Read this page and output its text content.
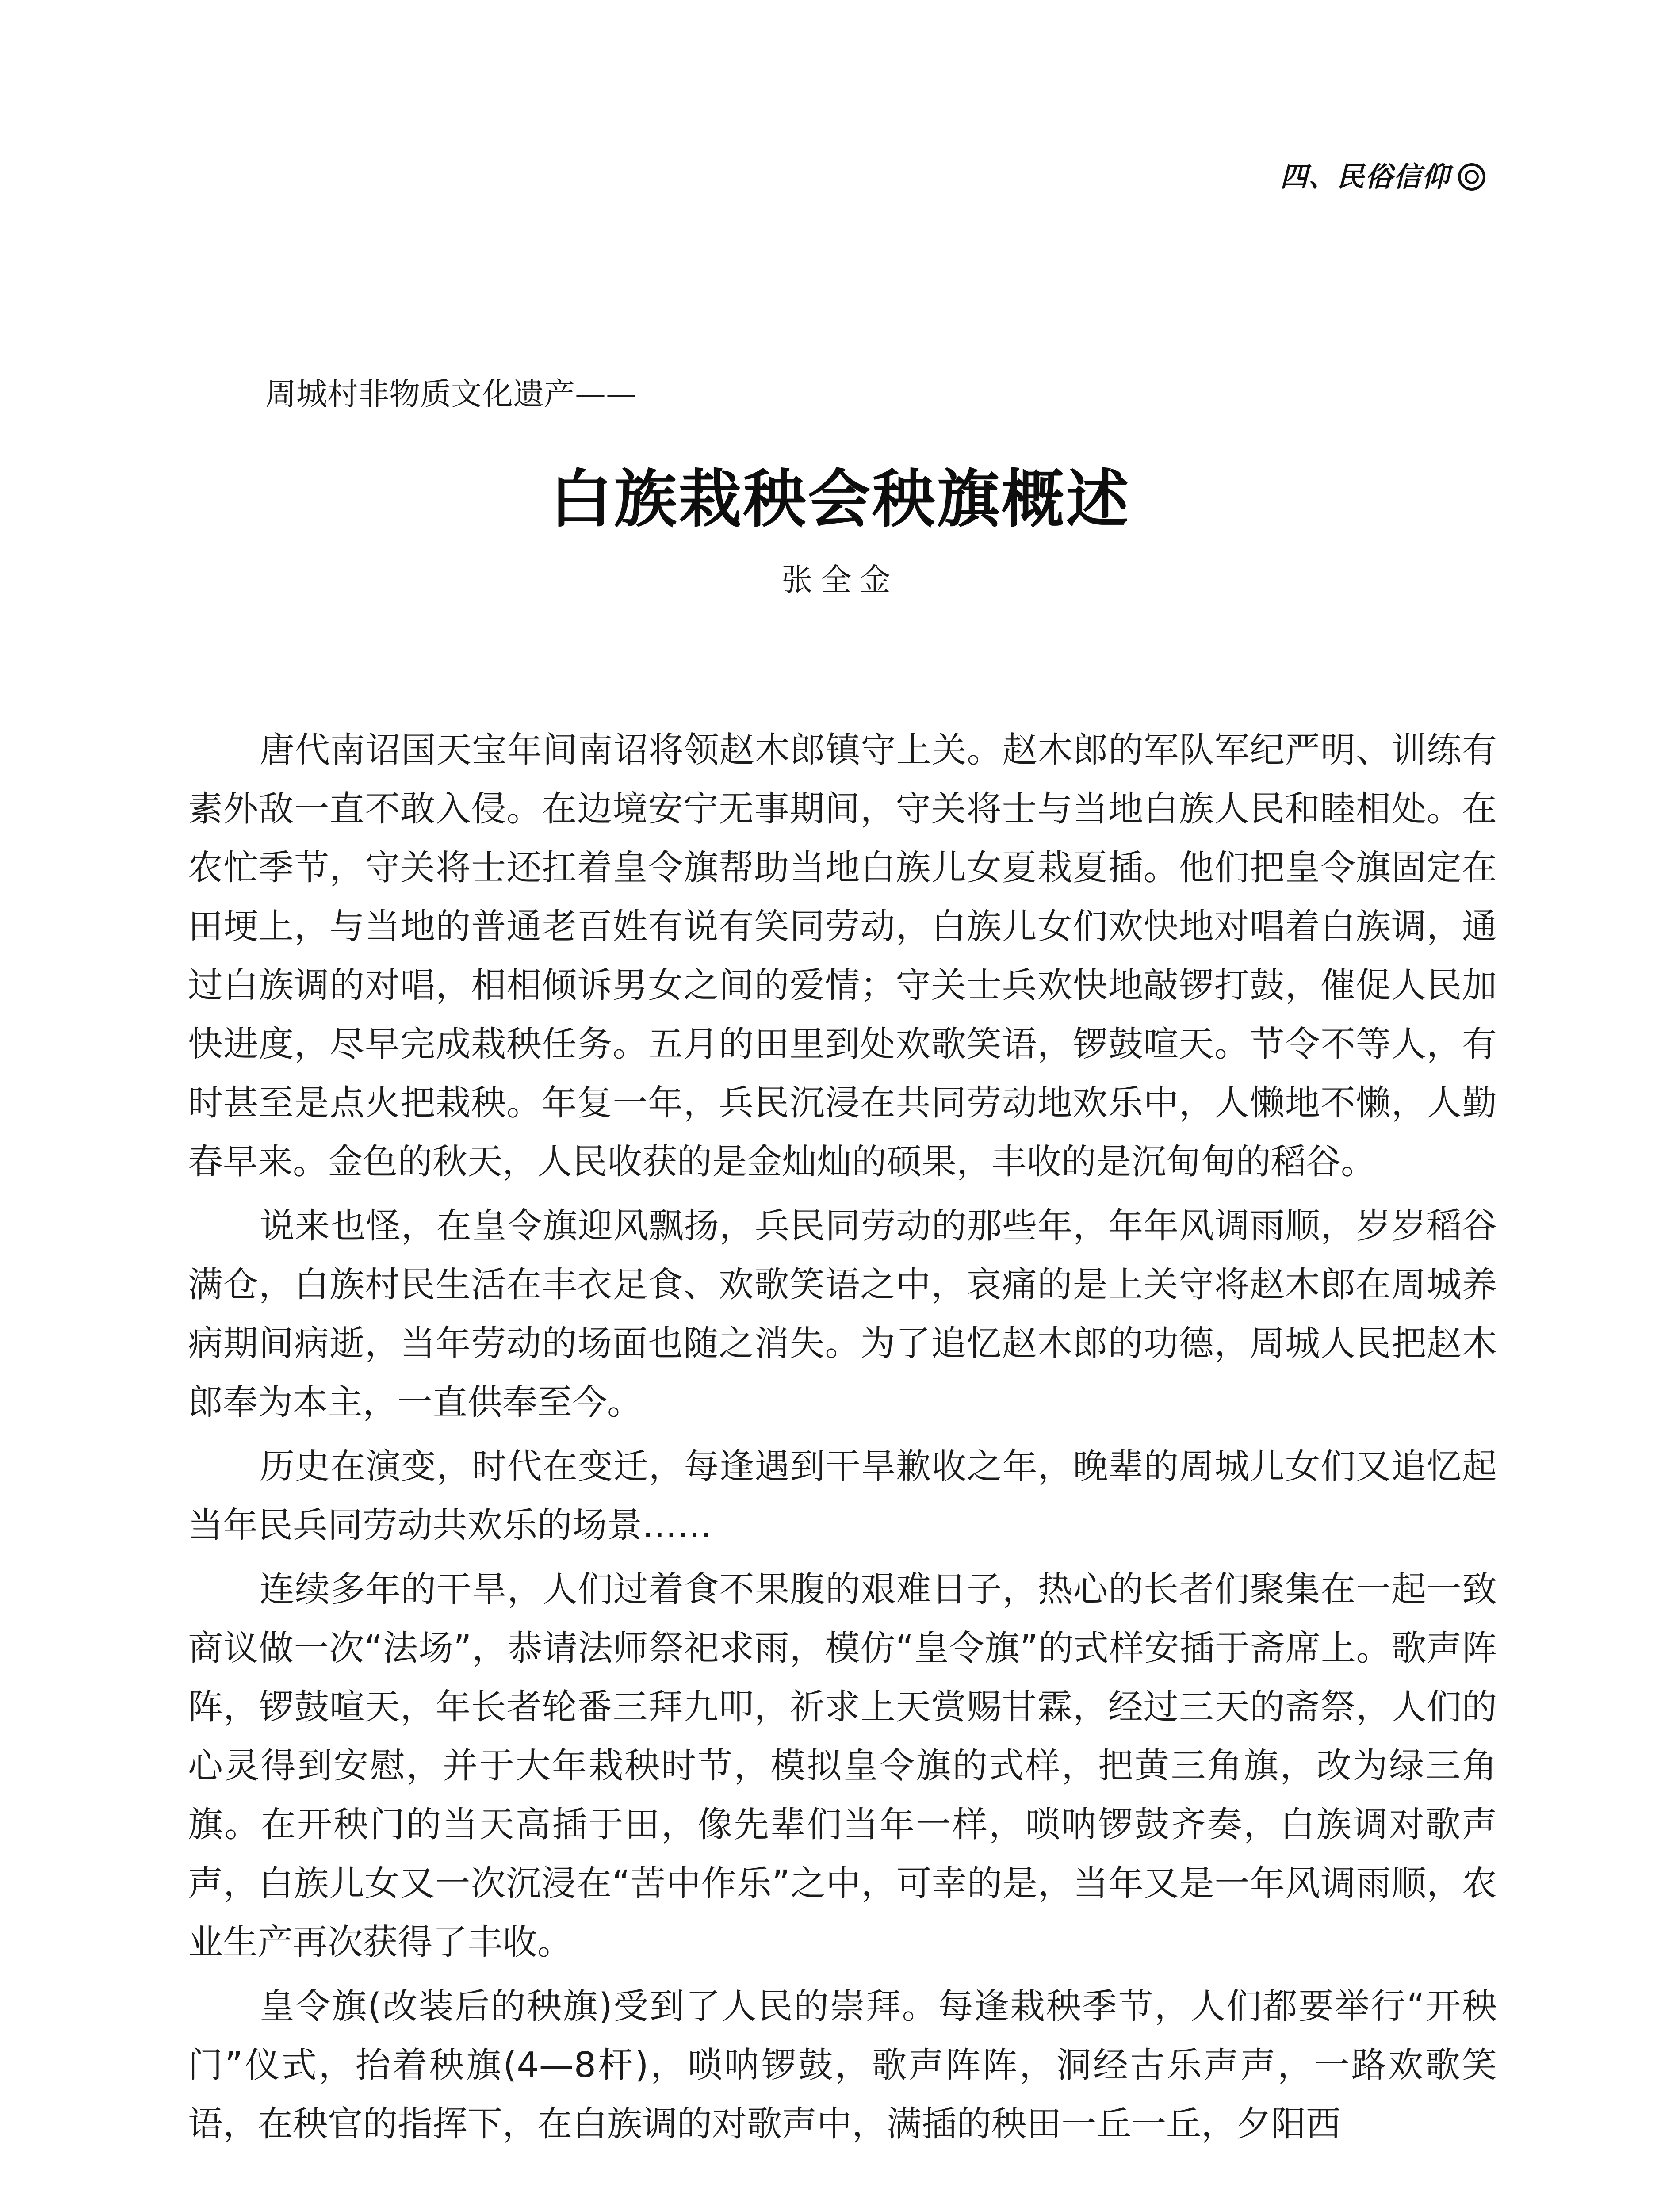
四、民俗信仰
周城村非物质文化遗产——
白族栽秧会秧旗概述
张全金

唐代南诏国天宝年间南诏将领赵木郎镇守上关。赵木郎的军队军纪严明、训练有素外敌一直不敢入侵。在边境安宁无事期间，守关将士与当地白族人民和睦相处。在农忙季节，守关将士还扛着皇令旗帮助当地白族儿女夏栽夏插。他们把皇令旗固定在田埂上，与当地的普通老百姓有说有笑同劳动，白族儿女们欢快地对唱着白族调，通过白族调的对唱，相相倾诉男女之间的爱情；守关士兵欢快地敲锣打鼓，催促人民加快进度，尽早完成栽秧任务。五月的田里到处欢歌笑语，锣鼓喧天。节令不等人，有时甚至是点火把栽秧。年复一年，兵民沉浸在共同劳动地欢乐中，人懒地不懒，人勤春早来。金色的秋天，人民收获的是金灿灿的硕果，丰收的是沉甸甸的稻谷。

说来也怪，在皇令旗迎风飘扬，兵民同劳动的那些年，年年风调雨顺，岁岁稻谷满仓，白族村民生活在丰衣足食、欢歌笑语之中，哀痛的是上关守将赵木郎在周城养病期间病逝，当年劳动的场面也随之消失。为了追忆赵木郎的功德，周城人民把赵木郎奉为本主，一直供奉至今。

历史在演变，时代在变迁，每逢遇到干旱歉收之年，晚辈的周城儿女们又追忆起当年民兵同劳动共欢乐的场景……

连续多年的干旱，人们过着食不果腹的艰难日子，热心的长者们聚集在一起一致商议做一次“法场”，恭请法师祭祀求雨，模仿“皇令旗”的式样安插于斋席上。歌声阵阵，锣鼓喧天，年长者轮番三拜九叩，祈求上天赏赐甘霖，经过三天的斋祭，人们的心灵得到安慰，并于大年栽秧时节，模拟皇令旗的式样，把黄三角旗，改为绿三角旗。在开秧门的当天高插于田，像先辈们当年一样，唢呐锣鼓齐奏，白族调对歌声声，白族儿女又一次沉浸在“苦中作乐”之中，可幸的是，当年又是一年风调雨顺，农业生产再次获得了丰收。

皇令旗(改装后的秧旗)受到了人民的崇拜。每逢栽秧季节，人们都要举行“开秧门”仪式，抬着秧旗(4—8杆)，唢呐锣鼓，歌声阵阵，洞经古乐声声，一路欢歌笑语，在秧官的指挥下，在白族调的对歌声中，满插的秧田一丘一丘，夕阳西
